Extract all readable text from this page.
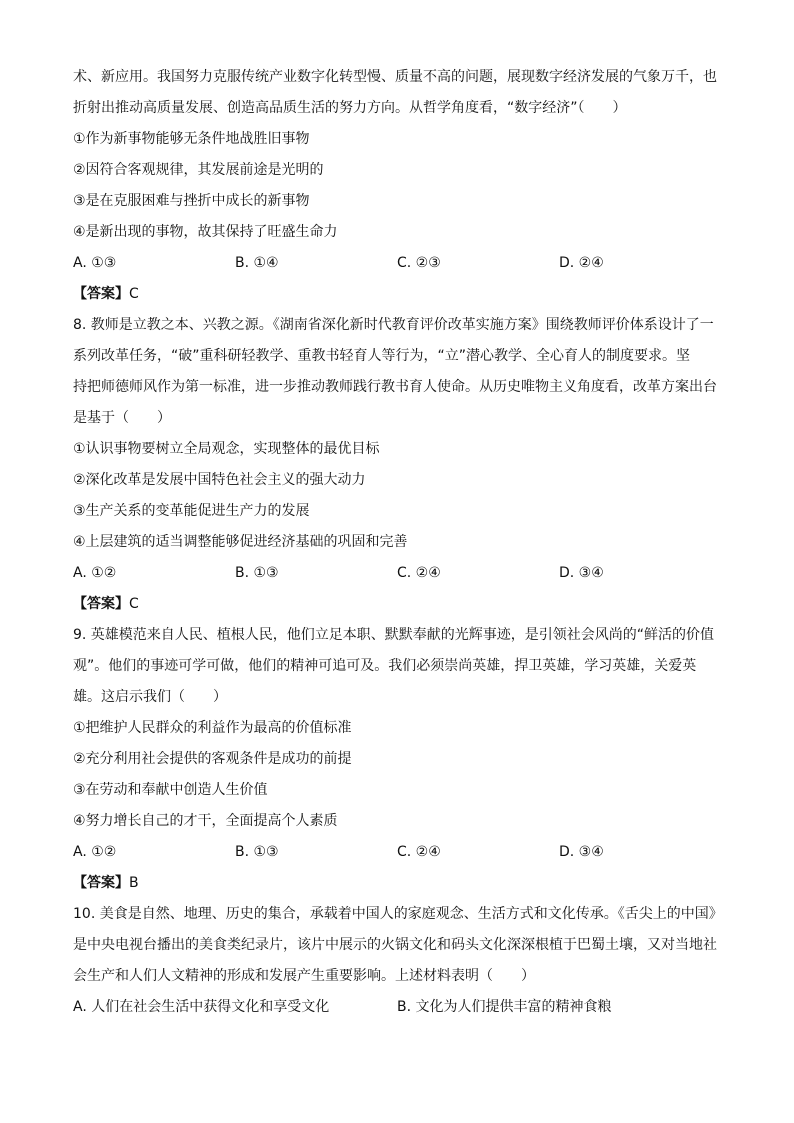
术、新应用。我国努力克服传统产业数字化转型慢、质量不高的问题，展现数字经济发展的气象万千，也
折射出推动高质量发展、创造高品质生活的努力方向。从哲学角度看，“数字经济”（　　）
①作为新事物能够无条件地战胜旧事物
②因符合客观规律，其发展前途是光明的
③是在克服困难与挫折中成长的新事物
④是新出现的事物，故其保持了旺盛生命力
A. ①③	B. ①④	C. ②③	D. ②④
【答案】C
8. 教师是立教之本、兴教之源。《湖南省深化新时代教育评价改革实施方案》围绕教师评价体系设计了一
系列改革任务，“破”重科研轻教学、重教书轻育人等行为，“立”潜心教学、全心育人的制度要求。坚
持把师德师风作为第一标准，进一步推动教师践行教书育人使命。从历史唯物主义角度看，改革方案出台
是基于（　　）
①认识事物要树立全局观念，实现整体的最优目标
②深化改革是发展中国特色社会主义的强大动力
③生产关系的变革能促进生产力的发展
④上层建筑的适当调整能够促进经济基础的巩固和完善
A. ①②	B. ①③	C. ②④	D. ③④
【答案】C
9. 英雄模范来自人民、植根人民，他们立足本职、默默奉献的光辉事迹，是引领社会风尚的“鲜活的价值
观”。他们的事迹可学可做，他们的精神可追可及。我们必须崇尚英雄，捍卫英雄，学习英雄，关爱英
雄。这启示我们（　　）
①把维护人民群众的利益作为最高的价值标准
②充分利用社会提供的客观条件是成功的前提
③在劳动和奉献中创造人生价值
④努力增长自己的才干，全面提高个人素质
A. ①②	B. ①③	C. ②④	D. ③④
【答案】B
10. 美食是自然、地理、历史的集合，承载着中国人的家庭观念、生活方式和文化传承。《舌尖上的中国》
是中央电视台播出的美食类纪录片，该片中展示的火锅文化和码头文化深深根植于巴蜀土壤，又对当地社
会生产和人们人文精神的形成和发展产生重要影响。上述材料表明（　　）
A. 人们在社会生活中获得文化和享受文化	B. 文化为人们提供丰富的精神食粮
